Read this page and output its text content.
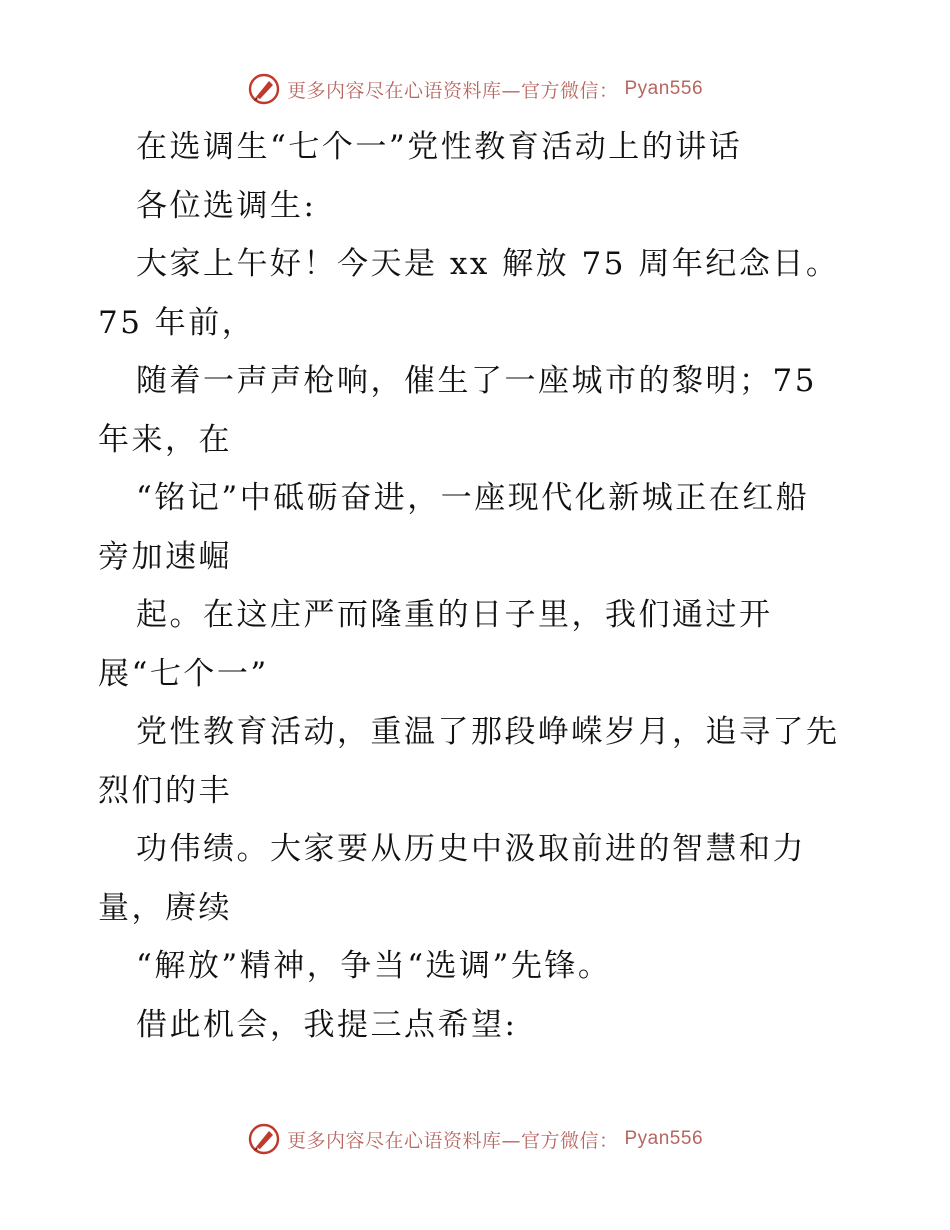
更多内容尽在心语资料库—官方微信： Pyan556
在选调生“七个一”党性教育活动上的讲话
各位选调生:
大家上午好！今天是 xx 解放 75 周年纪念日。
75 年前，
随着一声声枪响，催生了一座城市的黎明；75
年来，在
“铭记”中砥砺奋进，一座现代化新城正在红船
旁加速崛
起。在这庄严而隆重的日子里，我们通过开
展“七个一”
党性教育活动，重温了那段峥嵘岁月，追寻了先
烈们的丰
功伟绩。大家要从历史中汲取前进的智慧和力
量，赓续
“解放”精神，争当“选调”先锋。
借此机会，我提三点希望:
更多内容尽在心语资料库—官方微信： Pyan556
